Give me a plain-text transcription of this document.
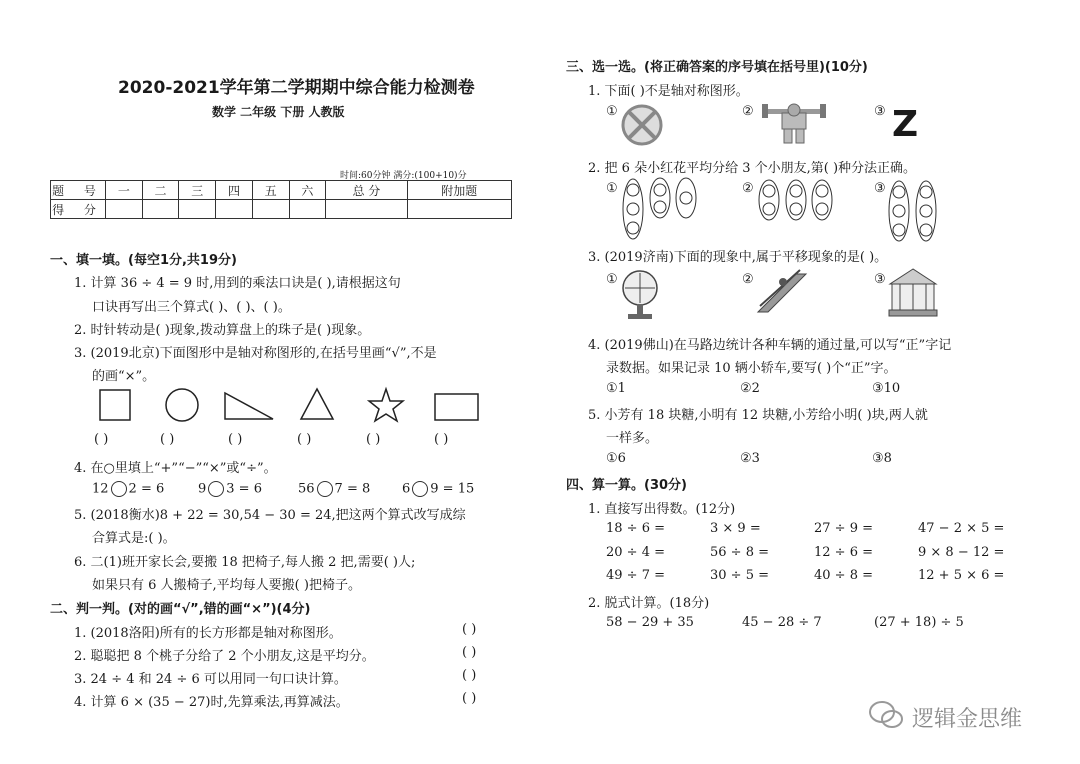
2020-2021学年第二学期期中综合能力检测卷
数学 二年级 下册 人教版
时间:60分钟 满分:(100+10)分
题 号	一	二	三	四	五	六	总 分	附加题
得 分								
一、填一填。(每空1分,共19分)
1. 计算 36 ÷ 4 = 9 时,用到的乘法口诀是( ),请根据这句
口诀再写出三个算式( )、( )、( )。
2. 时针转动是( )现象,拨动算盘上的珠子是( )现象。
3. (2019北京)下面图形中是轴对称图形的,在括号里画“√”,不是
的画“×”。
( )	( )	( )	( )	( )	( )
4. 在○里填上“+”“−”“×”或“÷”。
12 2 = 6	9 3 = 6	56 7 = 8 6 9 = 15
5. (2018衡水)8 + 22 = 30,54 − 30 = 24,把这两个算式改写成综
合算式是:( )。
6. 二(1)班开家长会,要搬 18 把椅子,每人搬 2 把,需要( )人;
如果只有 6 人搬椅子,平均每人要搬( )把椅子。
二、判一判。(对的画“√”,错的画“×”)(4分)
1. (2018洛阳)所有的长方形都是轴对称图形。
2. 聪聪把 8 个桃子分给了 2 个小朋友,这是平均分。
3. 24 ÷ 4 和 24 ÷ 6 可以用同一句口诀计算。
4. 计算 6 × (35 − 27)时,先算乘法,再算减法。
( )
( )
( )
( )
三、选一选。(将正确答案的序号填在括号里)(10分)
1. 下面( )不是轴对称图形。
①	②	③ Z
2. 把 6 朵小红花平均分给 3 个小朋友,第( )种分法正确。
①	②	③
3. (2019济南)下面的现象中,属于平移现象的是( )。
①	②	③
4. (2019佛山)在马路边统计各种车辆的通过量,可以写“正”字记
录数据。如果记录 10 辆小轿车,要写( )个“正”字。
①1	②2	③10
5. 小芳有 18 块糖,小明有 12 块糖,小芳给小明( )块,两人就
一样多。
①6	②3	③8
四、算一算。(30分)
1. 直接写出得数。(12分)
18 ÷ 6 =	3 × 9 =	27 ÷ 9 =	47 − 2 × 5 =
20 ÷ 4 =	56 ÷ 8 =	12 ÷ 6 =	9 × 8 − 12 =
49 ÷ 7 =	30 ÷ 5 =	40 ÷ 8 =	12 + 5 × 6 =
2. 脱式计算。(18分)
58 − 29 + 35	45 − 28 ÷ 7	(27 + 18) ÷ 5
逻辑金思维
